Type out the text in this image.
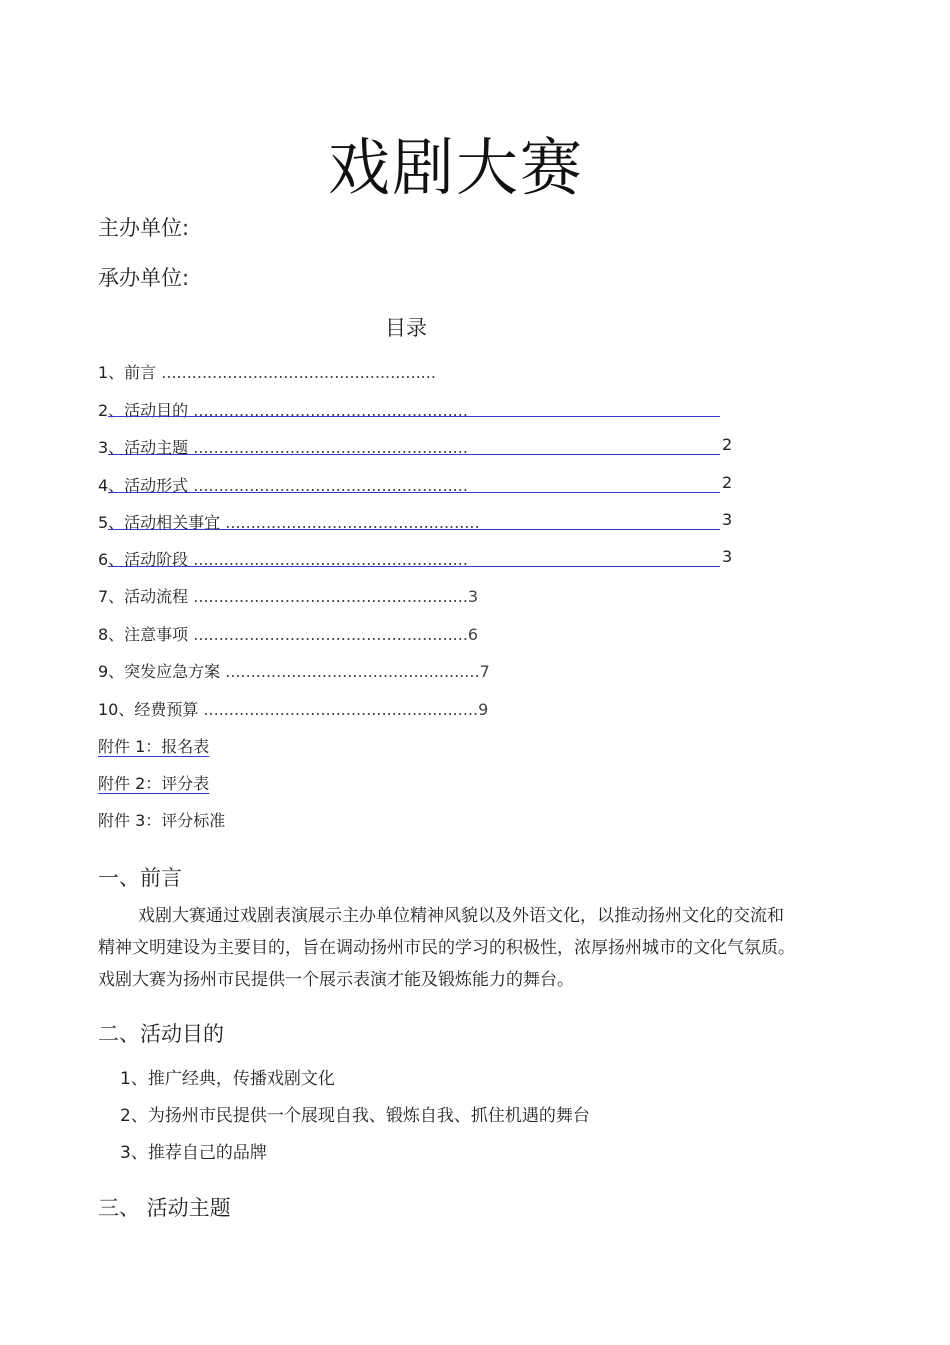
戏剧大赛
主办单位:
承办单位:
目录
1、前言 ......................................................
2、活动目的 ......................................................
3、活动主题 ......................................................	2
4、活动形式 ......................................................	2
5、活动相关事宜 ..................................................	3
6、活动阶段 ......................................................	3
7、活动流程 ......................................................3
8、注意事项 ......................................................6
9、突发应急方案 ..................................................7
10、经费预算 ......................................................9
附件 1：报名表
附件 2：评分表
附件 3：评分标准
一、前言
戏剧大赛通过戏剧表演展示主办单位精神风貌以及外语文化，以推动扬州文化的交流和精神文明建设为主要目的，旨在调动扬州市民的学习的积极性，浓厚扬州城市的文化气氛质。戏剧大赛为扬州市民提供一个展示表演才能及锻炼能力的舞台。
二、活动目的
1、推广经典，传播戏剧文化
2、为扬州市民提供一个展现自我、锻炼自我、抓住机遇的舞台
3、推荐自己的品牌
三、 活动主题
